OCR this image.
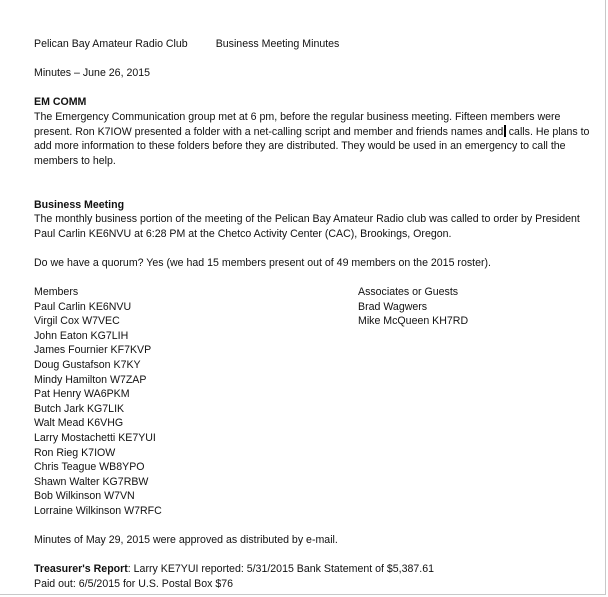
Pelican Bay Amateur Radio Club	Business Meeting Minutes
Minutes – June 26, 2015
EM COMM

The Emergency Communication group met at 6 pm, before the regular business meeting. Fifteen members were present. Ron K7IOW presented a folder with a net-calling script and member and friends names and calls. He plans to add more information to these folders before they are distributed. They would be used in an emergency to call the members to help.

Business Meeting

The monthly business portion of the meeting of the Pelican Bay Amateur Radio club was called to order by President Paul Carlin KE6NVU at 6:28 PM at the Chetco Activity Center (CAC), Brookings, Oregon.

Do we have a quorum? Yes (we had 15 members present out of 49 members on the 2015 roster).
Members
Paul Carlin KE6NVU
Virgil Cox W7VEC
John Eaton KG7LIH
James Fournier KF7KVP
Doug Gustafson K7KY
Mindy Hamilton W7ZAP
Pat Henry WA6PKM
Butch Jark KG7LIK
Walt Mead K6VHG
Larry Mostachetti KE7YUI
Ron Rieg K7IOW
Chris Teague WB8YPO
Shawn Walter KG7RBW
Bob Wilkinson W7VN
Lorraine Wilkinson W7RFC
Associates or Guests
Brad Wagwers
Mike McQueen KH7RD
Minutes of May 29, 2015 were approved as distributed by e-mail.
Treasurer's Report: Larry KE7YUI reported: 5/31/2015 Bank Statement of $5,387.61
Paid out: 6/5/2015 for U.S. Postal Box $76
